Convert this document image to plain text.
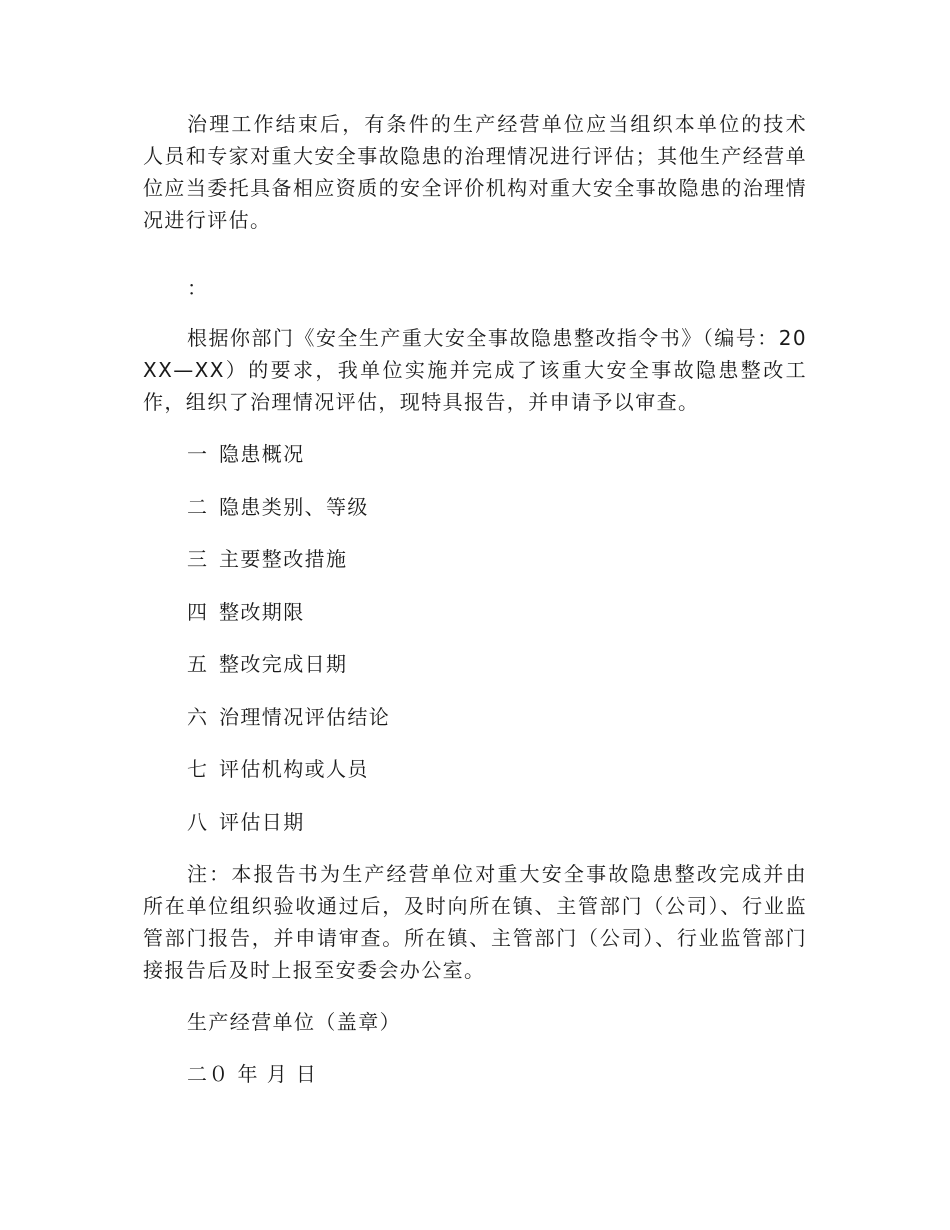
治理工作结束后，有条件的生产经营单位应当组织本单位的技术人员和专家对重大安全事故隐患的治理情况进行评估；其他生产经营单位应当委托具备相应资质的安全评价机构对重大安全事故隐患的治理情况进行评估。

：

根据你部门《安全生产重大安全事故隐患整改指令书》（编号：20XX—XX）的要求，我单位实施并完成了该重大安全事故隐患整改工作，组织了治理情况评估，现特具报告，并申请予以审查。

一 隐患概况
二 隐患类别、等级
三 主要整改措施
四 整改期限
五 整改完成日期
六 治理情况评估结论
七 评估机构或人员
八 评估日期

注：本报告书为生产经营单位对重大安全事故隐患整改完成并由所在单位组织验收通过后，及时向所在镇、主管部门（公司）、行业监管部门报告，并申请审查。所在镇、主管部门（公司）、行业监管部门接报告后及时上报至安委会办公室。

生产经营单位（盖章）

二０ 年 月 日
